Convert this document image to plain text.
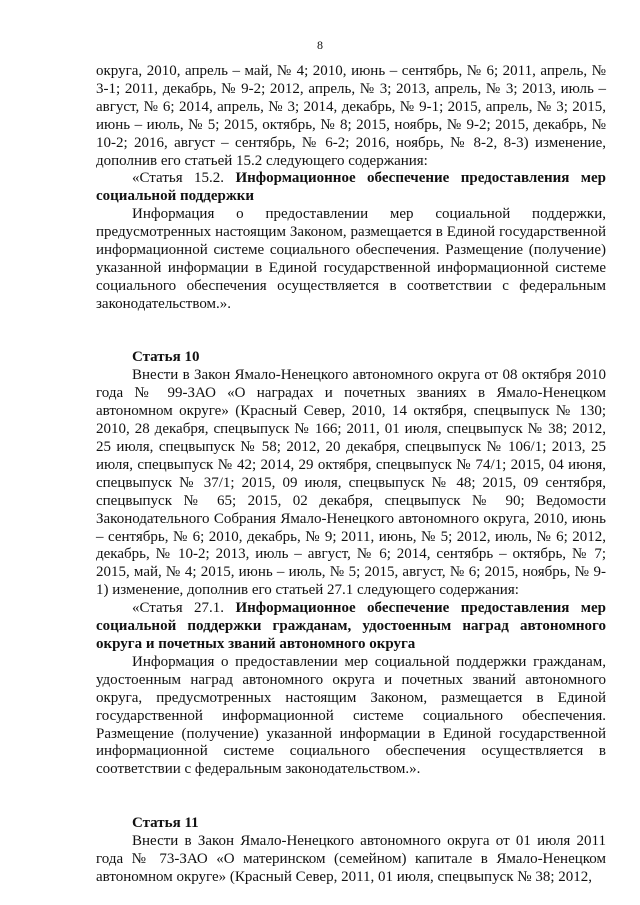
8

округа, 2010, апрель – май, № 4; 2010, июнь – сентябрь, № 6; 2011, апрель, № 3-1; 2011, декабрь, № 9-2; 2012, апрель, № 3; 2013, апрель, № 3; 2013, июль – август, № 6; 2014, апрель, № 3; 2014, декабрь, № 9-1; 2015, апрель, № 3; 2015, июнь – июль, № 5; 2015, октябрь, № 8; 2015, ноябрь, № 9-2; 2015, декабрь, № 10-2; 2016, август – сентябрь, № 6-2; 2016, ноябрь, № 8-2, 8-3) изменение, дополнив его статьей 15.2 следующего содержания:

«Статья 15.2. Информационное обеспечение предоставления мер социальной поддержки

Информация о предоставлении мер социальной поддержки, предусмотренных настоящим Законом, размещается в Единой государственной информационной системе социального обеспечения. Размещение (получение) указанной информации в Единой государственной информационной системе социального обеспечения осуществляется в соответствии с федеральным законодательством.».

Статья 10

Внести в Закон Ямало-Ненецкого автономного округа от 08 октября 2010 года № 99-ЗАО «О наградах и почетных званиях в Ямало-Ненецком автономном округе» (Красный Север, 2010, 14 октября, спецвыпуск № 130; 2010, 28 декабря, спецвыпуск № 166; 2011, 01 июля, спецвыпуск № 38; 2012, 25 июля, спецвыпуск № 58; 2012, 20 декабря, спецвыпуск № 106/1; 2013, 25 июля, спецвыпуск № 42; 2014, 29 октября, спецвыпуск № 74/1; 2015, 04 июня, спецвыпуск № 37/1; 2015, 09 июля, спецвыпуск № 48; 2015, 09 сентября, спецвыпуск № 65; 2015, 02 декабря, спецвыпуск № 90; Ведомости Законодательного Собрания Ямало-Ненецкого автономного округа, 2010, июнь – сентябрь, № 6; 2010, декабрь, № 9; 2011, июнь, № 5; 2012, июль, № 6; 2012, декабрь, № 10-2; 2013, июль – август, № 6; 2014, сентябрь – октябрь, № 7; 2015, май, № 4; 2015, июнь – июль, № 5; 2015, август, № 6; 2015, ноябрь, № 9-1) изменение, дополнив его статьей 27.1 следующего содержания:

«Статья 27.1. Информационное обеспечение предоставления мер социальной поддержки гражданам, удостоенным наград автономного округа и почетных званий автономного округа

Информация о предоставлении мер социальной поддержки гражданам, удостоенным наград автономного округа и почетных званий автономного округа, предусмотренных настоящим Законом, размещается в Единой государственной информационной системе социального обеспечения. Размещение (получение) указанной информации в Единой государственной информационной системе социального обеспечения осуществляется в соответствии с федеральным законодательством.».

Статья 11

Внести в Закон Ямало-Ненецкого автономного округа от 01 июля 2011 года № 73-ЗАО «О материнском (семейном) капитале в Ямало-Ненецком автономном округе» (Красный Север, 2011, 01 июля, спецвыпуск № 38; 2012,
